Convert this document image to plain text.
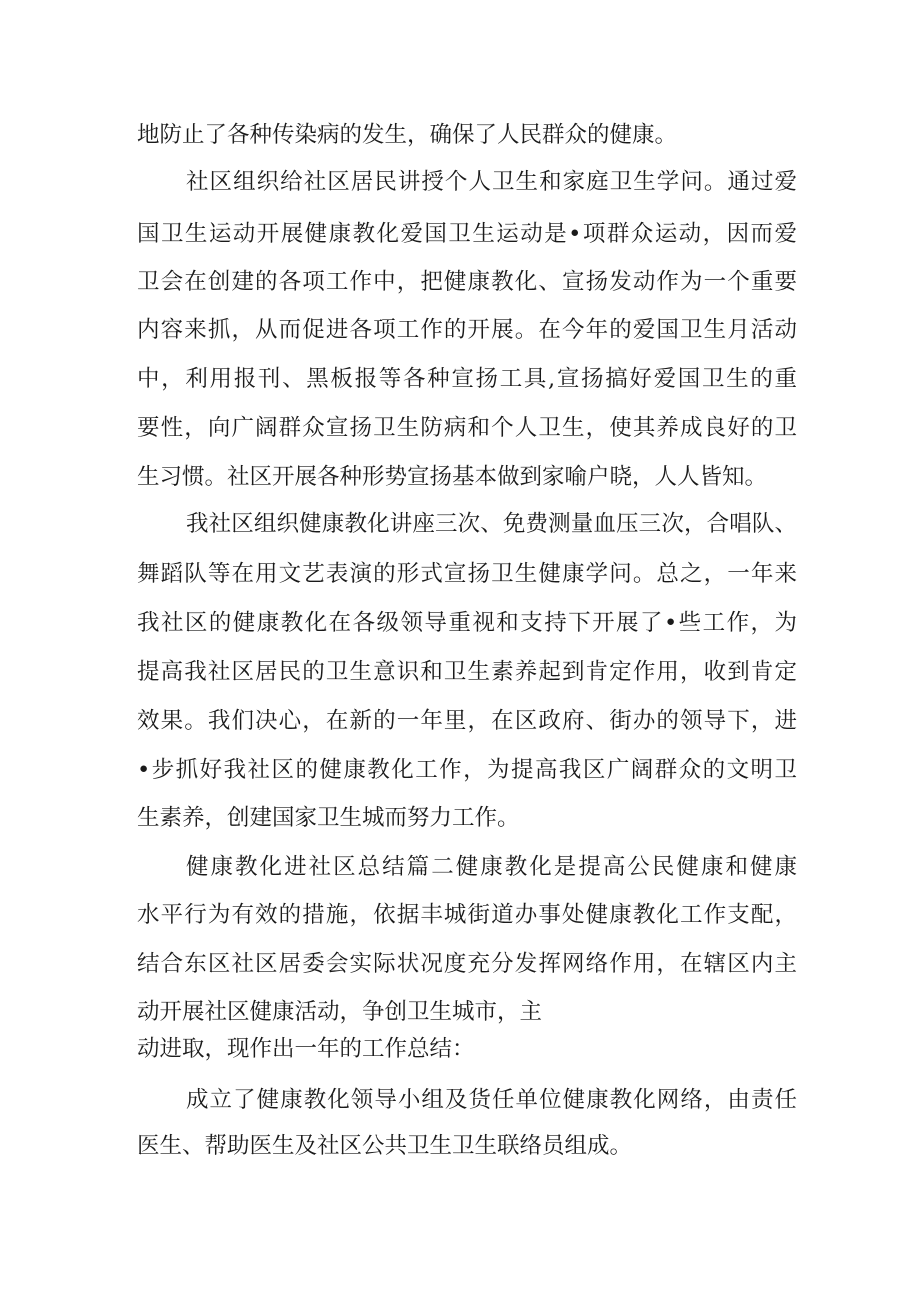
地防止了各种传染病的发生，确保了人民群众的健康。
社区组织给社区居民讲授个人卫生和家庭卫生学问。通过爱
国卫生运动开展健康教化爱国卫生运动是•项群众运动，因而爱
卫会在创建的各项工作中，把健康教化、宣扬发动作为一个重要
内容来抓，从而促进各项工作的开展。在今年的爱国卫生月活动
中，利用报刊、黑板报等各种宣扬工具,宣扬搞好爱国卫生的重
要性，向广阔群众宣扬卫生防病和个人卫生，使其养成良好的卫
生习惯。社区开展各种形势宣扬基本做到家喻户晓，人人皆知。
我社区组织健康教化讲座三次、免费测量血压三次，合唱队、
舞蹈队等在用文艺表演的形式宣扬卫生健康学问。总之，一年来
我社区的健康教化在各级领导重视和支持下开展了•些工作，为
提高我社区居民的卫生意识和卫生素养起到肯定作用，收到肯定
效果。我们决心，在新的一年里，在区政府、街办的领导下，进
•步抓好我社区的健康教化工作，为提高我区广阔群众的文明卫
生素养，创建国家卫生城而努力工作。
健康教化进社区总结篇二健康教化是提高公民健康和健康
水平行为有效的措施，依据丰城街道办事处健康教化工作支配，
结合东区社区居委会实际状况度充分发挥网络作用，在辖区内主
动开展社区健康活动，争创卫生城市，主
动进取，现作出一年的工作总结：
成立了健康教化领导小组及货任单位健康教化网络，由责任
医生、帮助医生及社区公共卫生卫生联络员组成。
